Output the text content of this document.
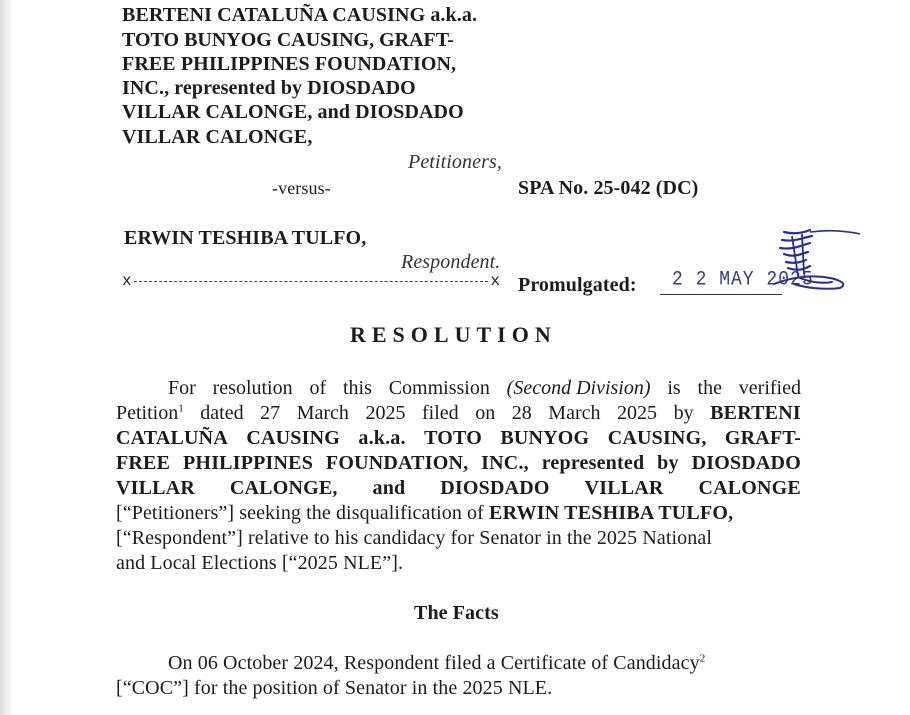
BERTENI CATALUÑA CAUSING a.k.a.
TOTO BUNYOG CAUSING, GRAFT-
FREE PHILIPPINES FOUNDATION,
INC., represented by DIOSDADO
VILLAR CALONGE, and DIOSDADO
VILLAR CALONGE,
Petitioners,
-versus-	SPA No. 25-042 (DC)
ERWIN TESHIBA TULFO,
Respondent.
x	x Promulgated: 2 2 MAY 2025
RESOLUTION
For resolution of this Commission (Second Division) is the verified
Petition$^1$ dated 27 March 2025 filed on 28 March 2025 by BERTENI
CATALUÑA CAUSING a.k.a. TOTO BUNYOG CAUSING, GRAFT-
FREE PHILIPPINES FOUNDATION, INC., represented by DIOSDADO
VILLAR CALONGE, and DIOSDADO VILLAR CALONGE
[“Petitioners”] seeking the disqualification of ERWIN TESHIBA TULFO,
[“Respondent”] relative to his candidacy for Senator in the 2025 National
and Local Elections [“2025 NLE”].
The Facts
On 06 October 2024, Respondent filed a Certificate of Candidacy$^2$
[“COC”] for the position of Senator in the 2025 NLE.
